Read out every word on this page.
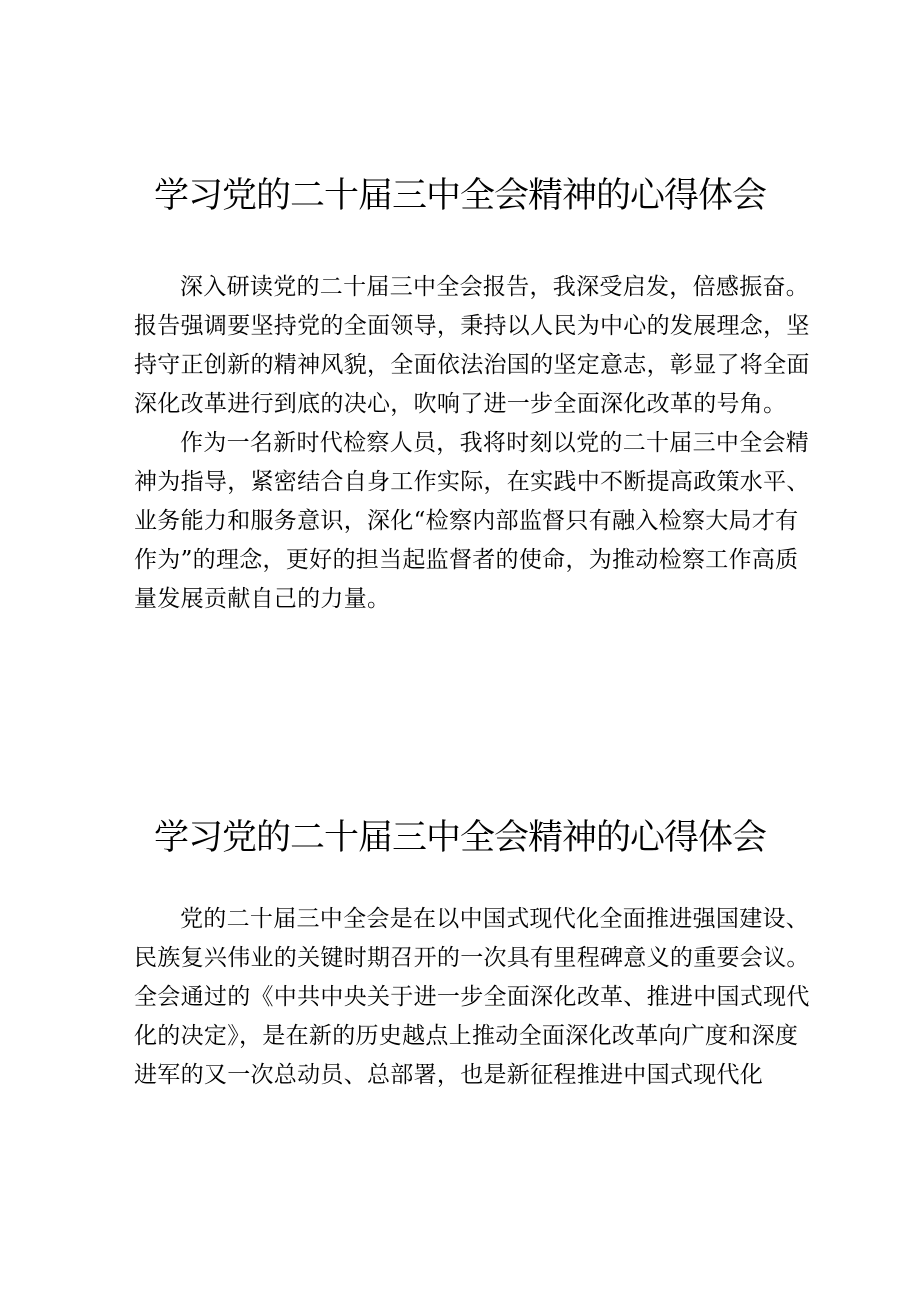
学习党的二十届三中全会精神的心得体会

深入研读党的二十届三中全会报告，我深受启发，倍感振奋。报告强调要坚持党的全面领导，秉持以人民为中心的发展理念，坚持守正创新的精神风貌，全面依法治国的坚定意志，彰显了将全面深化改革进行到底的决心，吹响了进一步全面深化改革的号角。

作为一名新时代检察人员，我将时刻以党的二十届三中全会精神为指导，紧密结合自身工作实际，在实践中不断提高政策水平、业务能力和服务意识，深化“检察内部监督只有融入检察大局才有作为”的理念，更好的担当起监督者的使命，为推动检察工作高质量发展贡献自己的力量。

学习党的二十届三中全会精神的心得体会

党的二十届三中全会是在以中国式现代化全面推进强国建设、民族复兴伟业的关键时期召开的一次具有里程碑意义的重要会议。全会通过的《中共中央关于进一步全面深化改革、推进中国式现代化的决定》，是在新的历史越点上推动全面深化改革向广度和深度进军的又一次总动员、总部署，也是新征程推进中国式现代化
